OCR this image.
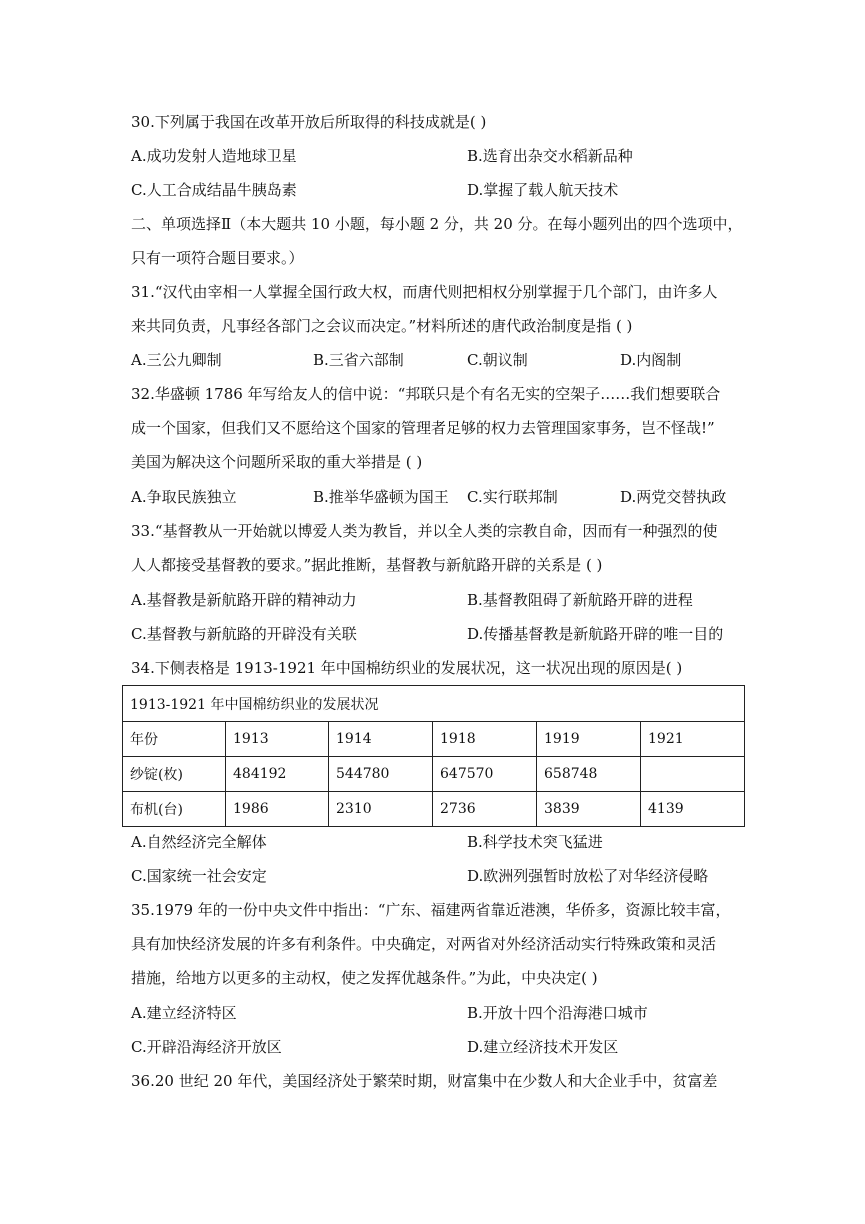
30.下列属于我国在改革开放后所取得的科技成就是( )
A.成功发射人造地球卫星	B.选育出杂交水稻新品种
C.人工合成结晶牛胰岛素	D.掌握了载人航天技术
二、单项选择Ⅱ（本大题共 10 小题，每小题 2 分，共 20 分。在每小题列出的四个选项中，
只有一项符合题目要求。）
31.“汉代由宰相一人掌握全国行政大权，而唐代则把相权分别掌握于几个部门，由许多人
来共同负责，凡事经各部门之会议而决定。”材料所述的唐代政治制度是指 ( )
A.三公九卿制	B.三省六部制	C.朝议制	D.内阁制
32.华盛顿 1786 年写给友人的信中说：“邦联只是个有名无实的空架子……我们想要联合
成一个国家，但我们又不愿给这个国家的管理者足够的权力去管理国家事务，岂不怪哉!”
美国为解决这个问题所采取的重大举措是 ( )
A.争取民族独立	B.推举华盛顿为国王 C.实行联邦制	D.两党交替执政
33.“基督教从一开始就以博爱人类为教旨，并以全人类的宗教自命，因而有一种强烈的使
人人都接受基督教的要求。”据此推断，基督教与新航路开辟的关系是 ( )
A.基督教是新航路开辟的精神动力	B.基督教阻碍了新航路开辟的进程
C.基督教与新航路的开辟没有关联	D.传播基督教是新航路开辟的唯一目的
34.下侧表格是 1913-1921 年中国棉纺织业的发展状况，这一状况出现的原因是( )
1913-1921 年中国棉纺织业的发展状况					
年份	1913	1914	1918	1919	1921
纱锭(枚)	484192	544780	647570	658748	
布机(台)	1986	2310	2736	3839	4139
A.自然经济完全解体	B.科学技术突飞猛进
C.国家统一社会安定	D.欧洲列强暂时放松了对华经济侵略
35.1979 年的一份中央文件中指出：“广东、福建两省靠近港澳，华侨多，资源比较丰富，
具有加快经济发展的许多有利条件。中央确定，对两省对外经济活动实行特殊政策和灵活
措施，给地方以更多的主动权，使之发挥优越条件。”为此，中央决定( )
A.建立经济特区	B.开放十四个沿海港口城市
C.开辟沿海经济开放区	D.建立经济技术开发区
36.20 世纪 20 年代，美国经济处于繁荣时期，财富集中在少数人和大企业手中，贫富差
